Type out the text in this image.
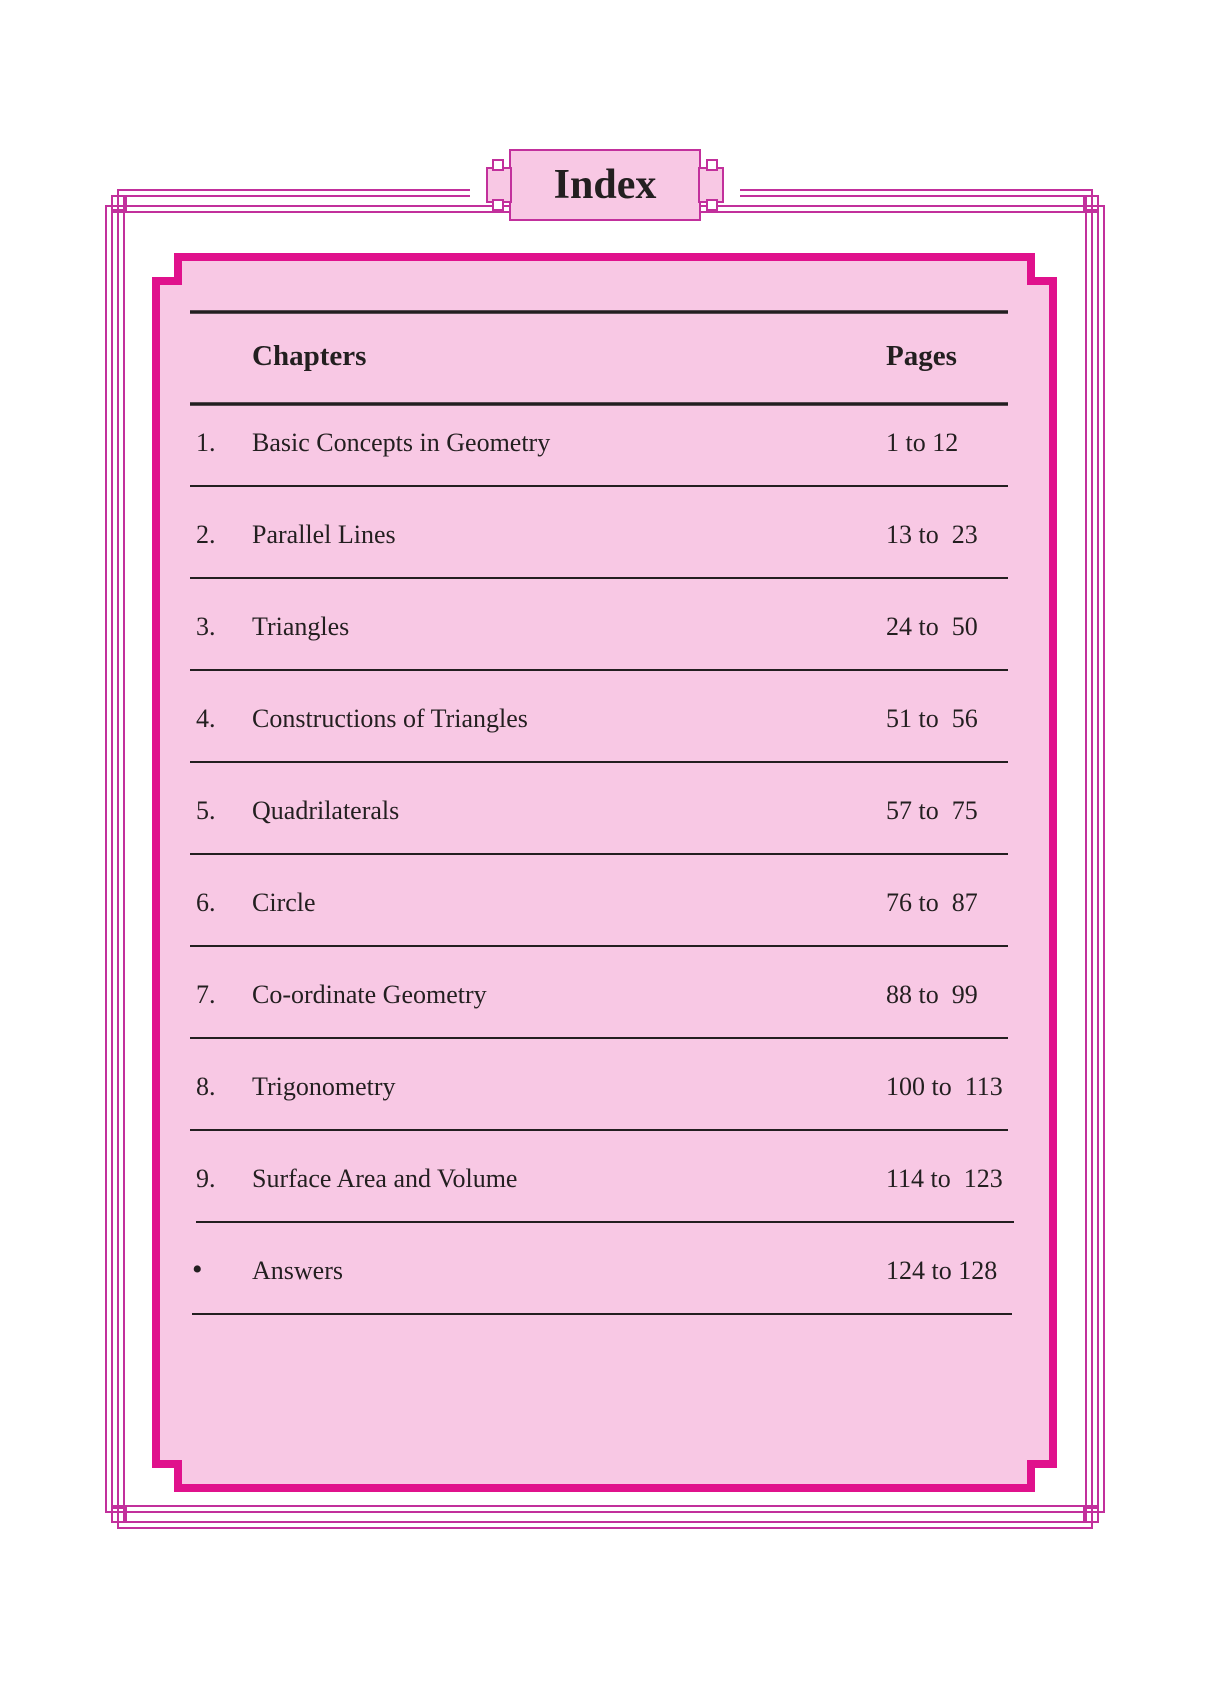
Index
Chapters	Pages
1. Basic Concepts in Geometry	1 to 12
2. Parallel Lines	13 to  23
3. Triangles	24 to  50
4. Constructions of Triangles	51 to  56
5. Quadrilaterals	57 to  75
6. Circle	76 to  87
7. Co-ordinate Geometry	88 to  99
8. Trigonometry	100 to  113
9. Surface Area and Volume	114 to  123
• Answers	124 to 128
